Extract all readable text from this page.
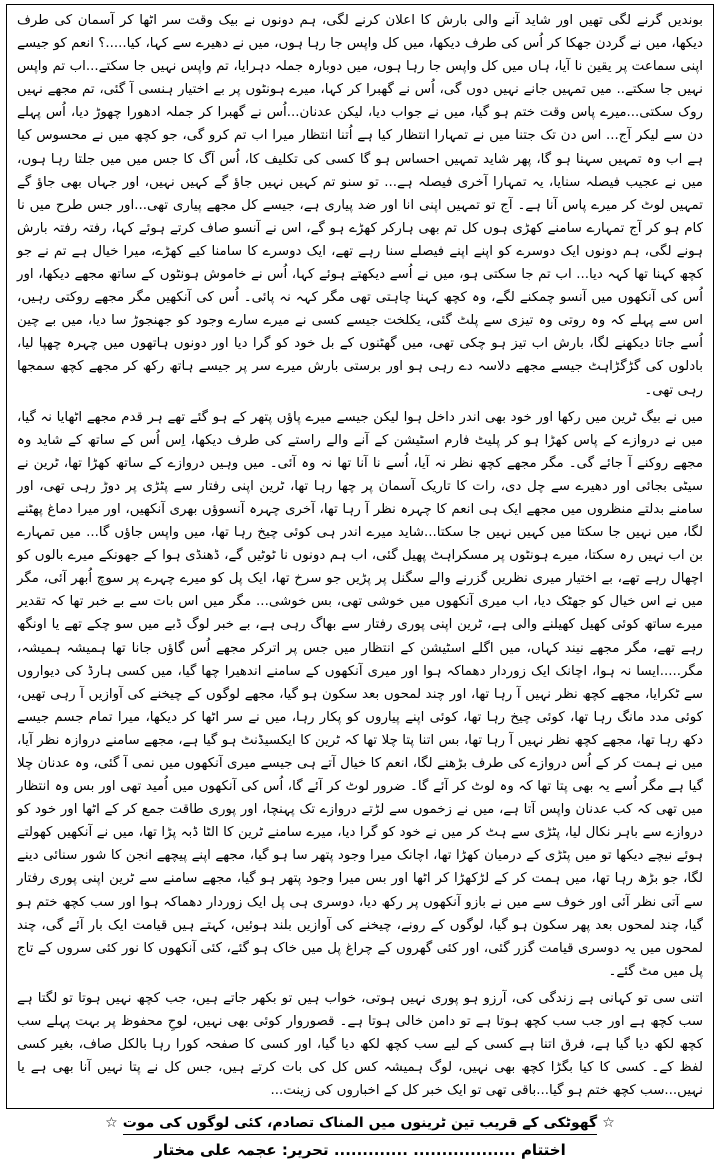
بوندیں گرنے لگی تھیں اور شاید آنے والی بارش کا اعلان کرنے لگی، ہم دونوں نے بیک وقت سر اٹھا کر آسمان کی طرف دیکھا، میں نے گردن جھکا کر اُس کی طرف دیکھا، میں کل واپس جا رہا ہوں، میں نے دھیرے سے کہا، کیا.....؟ انعم کو جیسے اپنی سماعت پر یقین نا آیا، ہاں میں کل واپس جا رہا ہوں، میں دوبارہ جملہ دہرایا، تم واپس نہیں جا سکتے...اب تم واپس نہیں جا سکتے.. میں تمہیں جانے نہیں دوں گی، اُس نے گھبرا کر کہا، میرے ہونٹوں پر بے اختیار ہنسی آ گئی، تم مجھے نہیں روک سکتی...میرے پاس وقت ختم ہو گیا، میں نے جواب دیا، لیکن عدنان...اُس نے گھبرا کر جملہ ادھورا چھوڑ دیا، اُس پہلے دن سے لیکر آج... اس دن تک جتنا میں نے تمہارا انتظار کیا ہے اُتنا انتظار میرا اب تم کرو گی، جو کچھ میں نے محسوس کیا ہے اب وہ تمہیں سہنا ہو گا، پھر شاید تمہیں احساس ہو گا کسی کی تکلیف کا، اُس آگ کا جس میں میں جلتا رہا ہوں، میں نے عجیب فیصلہ سنایا، یہ تمہارا آخری فیصلہ ہے... تو سنو تم کہیں نہیں جاؤ گے کہیں نہیں، اور جہاں بھی جاؤ گے تمہیں لوٹ کر میرے پاس آنا ہے۔ آج تو تمہیں اپنی انا اور ضد پیاری ہے، جیسے کل مجھے پیاری تھی...اور جس طرح میں نا کام ہو کر آج تمہارے سامنے کھڑی ہوں کل تم بھی ہارکر کھڑے ہو گے، اس نے آنسو صاف کرتے ہوئے کہا، رفتہ رفتہ بارش ہونے لگی، ہم دونوں ایک دوسرے کو اپنے اپنے فیصلے سنا رہے تھے، ایک دوسرے کا سامنا کیے کھڑے، میرا خیال ہے تم نے جو کچھ کہنا تھا کہہ دیا... اب تم جا سکتی ہو، میں نے اُسے دیکھتے ہوئے کہا، اُس نے خاموش ہونٹوں کے ساتھ مجھے دیکھا، اور اُس کی آنکھوں میں آنسو چمکنے لگے، وہ کچھ کہنا چاہتی تھی مگر کہہ نہ پائی۔ اُس کی آنکھیں مگر مجھے روکتی رہیں، اس سے پہلے کہ وہ روتی وہ تیزی سے پلٹ گئی، یکلخت جیسے کسی نے میرے سارے وجود کو جھنجوڑ سا دیا، میں بے چین اُسے جاتا دیکھنے لگا، بارش اب تیز ہو چکی تھی، میں گھٹنوں کے بل خود کو گرا دیا اور دونوں ہاتھوں میں چہرہ چھپا لیا، بادلوں کی گڑگڑاہٹ جیسے مجھے دلاسہ دے رہی ہو اور برستی بارش میرے سر پر جیسے ہاتھ رکھ کر مجھے کچھ سمجھا رہی تھی۔

میں نے بیگ ٹرین میں رکھا اور خود بھی اندر داخل ہوا لیکن جیسے میرے پاؤں پتھر کے ہو گئے تھے ہر قدم مجھے اٹھایا نہ گیا، میں نے دروازے کے پاس کھڑا ہو کر پلیٹ فارم اسٹیشن کے آنے والے راستے کی طرف دیکھا، اِس اُس کے ساتھ کے شاید وہ مجھے روکنے آ جائے گی۔ مگر مجھے کچھ نظر نہ آیا، اُسے نا آنا تھا نہ وہ آئی۔ میں وہیں دروازے کے ساتھ کھڑا تھا، ٹرین نے سیٹی بجائی اور دھیرے سے چل دی، رات کا تاریک آسمان پر چھا رہا تھا، ٹرین اپنی رفتار سے پٹڑی پر دوڑ رہی تھی، اور سامنے بدلتے منظروں میں مجھے ایک ہی انعم کا چہرہ نظر آ رہا تھا، آخری چہرہ آنسوؤں بھری آنکھیں، اور میرا دماغ پھٹنے لگا، میں نہیں جا سکتا میں کہیں نہیں جا سکتا...شاید میرے اندر ہی کوئی چیخ رہا تھا، میں واپس جاؤں گا... میں تمہارے بن اب نہیں رہ سکتا، میرے ہونٹوں پر مسکراہٹ پھیل گئی، اب ہم دونوں نا ٹوٹیں گے، ڈھنڈی ہوا کے جھونکے میرے بالوں کو اچھال رہے تھے، بے اختیار میری نظریں گزرنے والے سگنل پر پڑیں جو سرخ تھا، ایک پل کو میرے چہرے پر سوچ اُبھر آئی، مگر میں نے اس خیال کو جھٹک دیا، اب میری آنکھوں میں خوشی تھی، بس خوشی... مگر میں اس بات سے بے خبر تھا کہ تقدیر میرے ساتھ کوئی کھیل کھیلنے والی ہے، ٹرین اپنی پوری رفتار سے بھاگ رہی ہے، بے خبر لوگ ڈبے میں سو چکے تھے یا اونگھ رہے تھے، مگر مجھے نیند کہاں، میں اگلے اسٹیشن کے انتظار میں جس پر اترکر مجھے اُس گاؤں جانا تھا ہمیشہ ہمیشہ، مگر.....ایسا نہ ہوا، اچانک ایک زوردار دھماکہ ہوا اور میری آنکھوں کے سامنے اندھیرا چھا گیا، میں کسی ہارڈ کی دیواروں سے ٹکرایا، مجھے کچھ نظر نہیں آ رہا تھا، اور چند لمحوں بعد سکون ہو گیا، مجھے لوگوں کے چیخنے کی آوازیں آ رہی تھیں، کوئی مدد مانگ رہا تھا، کوئی چیخ رہا تھا، کوئی اپنے پیاروں کو پکار رہا، میں نے سر اٹھا کر دیکھا، میرا تمام جسم جیسے دکھ رہا تھا، مجھے کچھ نظر نہیں آ رہا تھا، بس اتنا پتا چلا تھا کہ ٹرین کا ایکسیڈنٹ ہو گیا ہے، مجھے سامنے دروازہ نظر آیا، میں نے ہمت کر کے اُس دروازے کی طرف بڑھنے لگا، انعم کا خیال آتے ہی جیسے میری آنکھوں میں نمی آ گئی، وہ عدنان چلا گیا ہے مگر اُسے یہ بھی پتا تھا کہ وہ لوٹ کر آئے گا۔ ضرور لوٹ کر آئے گا، اُس کی آنکھوں میں اُمید تھی اور بس وہ انتظار میں تھی کہ کب عدنان واپس آتا ہے، میں نے زخموں سے لڑتے دروازے تک پہنچا، اور پوری طاقت جمع کر کے اٹھا اور خود کو دروازے سے باہر نکال لیا، پٹڑی سے ہٹ کر میں نے خود کو گرا دیا، میرے سامنے ٹرین کا الٹا ڈبہ پڑا تھا، میں نے آنکھیں کھولتے ہوئے نیچے دیکھا تو میں پٹڑی کے درمیان کھڑا تھا، اچانک میرا وجود پتھر سا ہو گیا، مجھے اپنے پیچھے انجن کا شور سنائی دینے لگا، جو بڑھ رہا تھا، میں ہمت کر کے لڑکھڑا کر اٹھا اور بس میرا وجود پتھر ہو گیا، مجھے سامنے سے ٹرین اپنی پوری رفتار سے آتی نظر آئی اور خوف سے میں نے بازو آنکھوں پر رکھ دیا، دوسری ہی پل ایک زوردار دھماکہ ہوا اور سب کچھ ختم ہو گیا، چند لمحوں بعد پھر سکون ہو گیا، لوگوں کے رونے، چیخنے کی آوازیں بلند ہوئیں، کہتے ہیں قیامت ایک بار آئے گی، چند لمحوں میں یہ دوسری قیامت گزر گئی، اور کئی گھروں کے چراغ پل میں خاک ہو گئے، کئی آنکھوں کا نور کئی سروں کے تاج پل میں مٹ گئے۔

اتنی سی تو کہانی ہے زندگی کی، آرزو ہو پوری نہیں ہوتی، خواب ہیں تو بکھر جاتے ہیں، جب کچھ نہیں ہوتا تو لگتا ہے سب کچھ ہے اور جب سب کچھ ہوتا ہے تو دامن خالی ہوتا ہے۔ قصوروار کوئی بھی نہیں، لوحِ محفوظ پر بہت پہلے سب کچھ لکھ دیا گیا ہے، فرق اتنا ہے کسی کے لیے سب کچھ لکھ دیا گیا، اور کسی کا صفحہ کورا رہا بالکل صاف، بغیر کسی لفظ کے۔ کسی کا کیا بگڑا کچھ بھی نہیں، لوگ ہمیشہ کس کل کی بات کرتے ہیں، جس کل نے پتا نہیں آنا بھی ہے یا نہیں...سب کچھ ختم ہو گیا...باقی تھی تو ایک خبر کل کے اخباروں کی زینت...

☆ گھوٹکی کے قریب تین ٹرینوں میں المناک تصادم، کئی لوگوں کی موت ☆
اختتام .................. ............. تحریر: عجمہ علی مختار
